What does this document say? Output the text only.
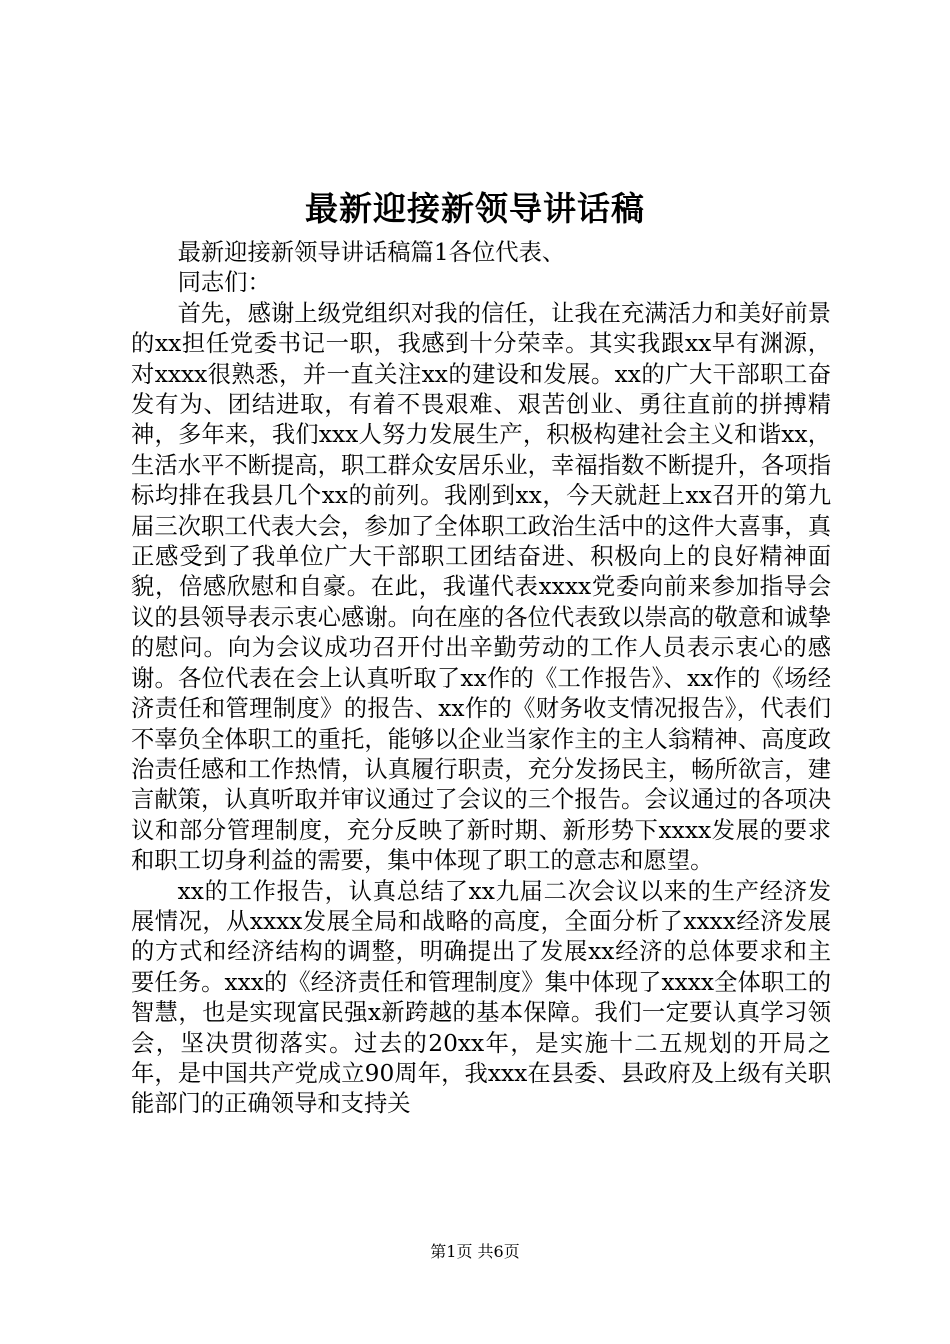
最新迎接新领导讲话稿

最新迎接新领导讲话稿篇1各位代表、

同志们：

首先，感谢上级党组织对我的信任，让我在充满活力和美好前景的xx担任党委书记一职，我感到十分荣幸。其实我跟xx早有渊源，对xxxx很熟悉，并一直关注xx的建设和发展。xx的广大干部职工奋发有为、团结进取，有着不畏艰难、艰苦创业、勇往直前的拼搏精神，多年来，我们xxx人努力发展生产，积极构建社会主义和谐xx，生活水平不断提高，职工群众安居乐业，幸福指数不断提升，各项指标均排在我县几个xx的前列。我刚到xx，今天就赶上xx召开的第九届三次职工代表大会，参加了全体职工政治生活中的这件大喜事，真正感受到了我单位广大干部职工团结奋进、积极向上的良好精神面貌，倍感欣慰和自豪。在此，我谨代表xxxx党委向前来参加指导会议的县领导表示衷心感谢。向在座的各位代表致以崇高的敬意和诚挚的慰问。向为会议成功召开付出辛勤劳动的工作人员表示衷心的感谢。各位代表在会上认真听取了xx作的《工作报告》、xx作的《场经济责任和管理制度》的报告、xx作的《财务收支情况报告》，代表们不辜负全体职工的重托，能够以企业当家作主的主人翁精神、高度政治责任感和工作热情，认真履行职责，充分发扬民主，畅所欲言，建言献策，认真听取并审议通过了会议的三个报告。会议通过的各项决议和部分管理制度，充分反映了新时期、新形势下xxxx发展的要求和职工切身利益的需要，集中体现了职工的意志和愿望。

xx的工作报告，认真总结了xx九届二次会议以来的生产经济发展情况，从xxxx发展全局和战略的高度，全面分析了xxxx经济发展的方式和经济结构的调整，明确提出了发展xx经济的总体要求和主要任务。xxx的《经济责任和管理制度》集中体现了xxxx全体职工的智慧，也是实现富民强x新跨越的基本保障。我们一定要认真学习领会，坚决贯彻落实。过去的20xx年，是实施十二五规划的开局之年，是中国共产党成立90周年，我xxx在县委、县政府及上级有关职能部门的正确领导和支持关

第1页 共6页
